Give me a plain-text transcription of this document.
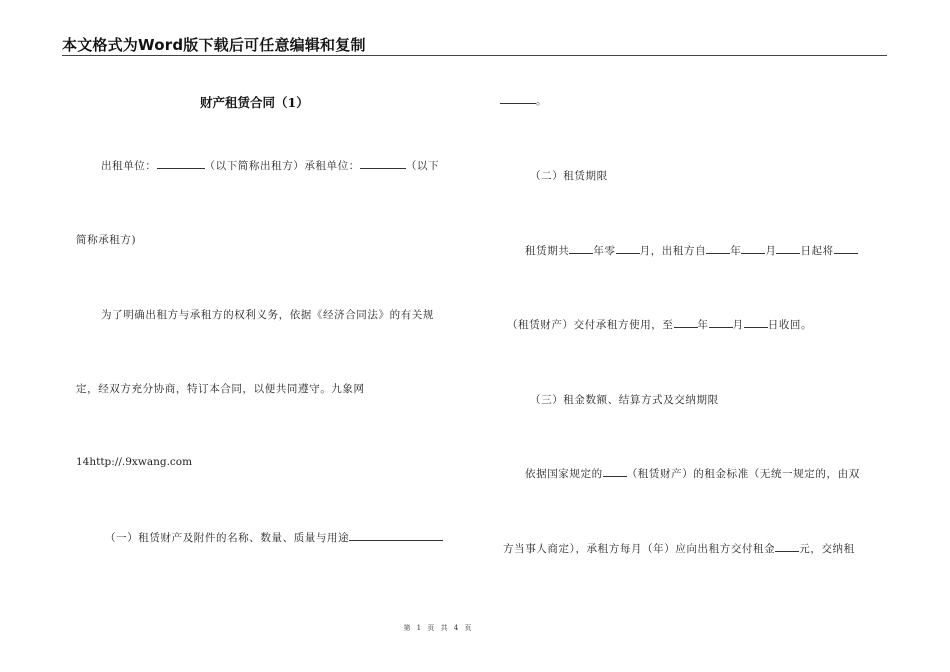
本文格式为Word版下载后可任意编辑和复制
财产租赁合同（1）
出租单位：	（以下简称出租方）承租单位：	（以下
简称承租方)
为了明确出租方与承租方的权利义务，依据《经济合同法》的有关规
定，经双方充分协商，特订本合同，以便共同遵守。九象网
14http://.9xwang.com
（一）租赁财产及附件的名称、数量、质量与用途
。
（二）租赁期限
租赁期共 年零 月，出租方自 年 月 日起将
（租赁财产）交付承租方使用，至 年 月 日收回。
（三）租金数额、结算方式及交纳期限
依据国家规定的 （租赁财产）的租金标准（无统一规定的，由双
方当事人商定），承租方每月（年）应向出租方交付租金 元，交纳租
第 1 页 共 4 页
